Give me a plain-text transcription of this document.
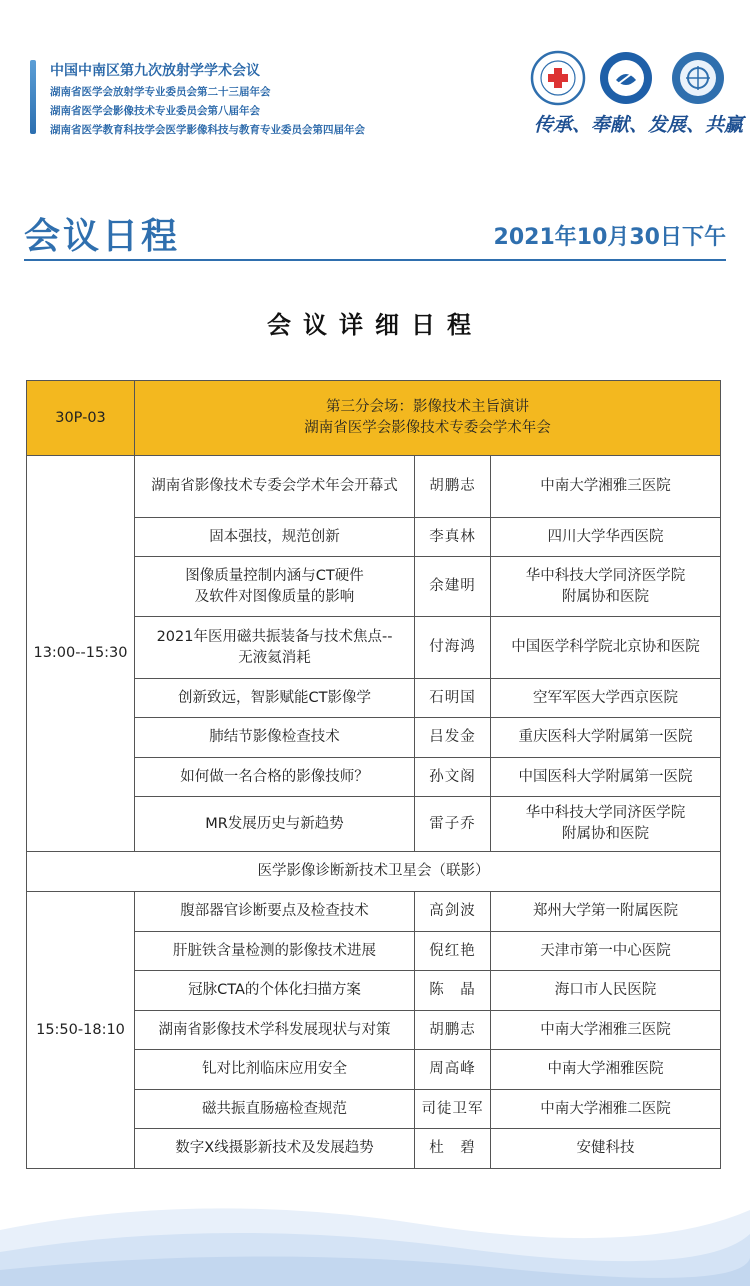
中国中南区第九次放射学学术会议
湖南省医学会放射学专业委员会第二十三届年会
湖南省医学会影像技术专业委员会第八届年会
湖南省医学教育科技学会医学影像科技与教育专业委员会第四届年会	传承、奉献、发展、共赢
会议日程	2021年10月30日下午
会议详细日程
30P-03	第三分会场：影像技术主旨演讲
湖南省医学会影像技术专委会学术年会		

13:00--15:30	湖南省影像技术专委会学术年会开幕式	胡鹏志	中南大学湘雅三医院
	固本强技，规范创新	李真林	四川大学华西医院
	图像质量控制内涵与CT硬件
及软件对图像质量的影响	余建明	华中科技大学同济医学院
附属协和医院
	2021年医用磁共振装备与技术焦点--
无液氦消耗	付海鸿	中国医学科学院北京协和医院
	创新致远，智影赋能CT影像学	石明国	空军军医大学西京医院
	肺结节影像检查技术	吕发金	重庆医科大学附属第一医院
	如何做一名合格的影像技师？	孙文阁	中国医科大学附属第一医院
	MR发展历史与新趋势	雷子乔	华中科技大学同济医学院
附属协和医院
医学影像诊断新技术卫星会（联影）			
15:50-18:10	腹部器官诊断要点及检查技术	高剑波	郑州大学第一附属医院
	肝脏铁含量检测的影像技术进展	倪红艳	天津市第一中心医院
	冠脉CTA的个体化扫描方案	陈　晶	海口市人民医院
	湖南省影像技术学科发展现状与对策	胡鹏志	中南大学湘雅三医院
	钆对比剂临床应用安全	周高峰	中南大学湘雅医院
	磁共振直肠癌检查规范	司徒卫军	中南大学湘雅二医院
	数字X线摄影新技术及发展趋势	杜　碧	安健科技
